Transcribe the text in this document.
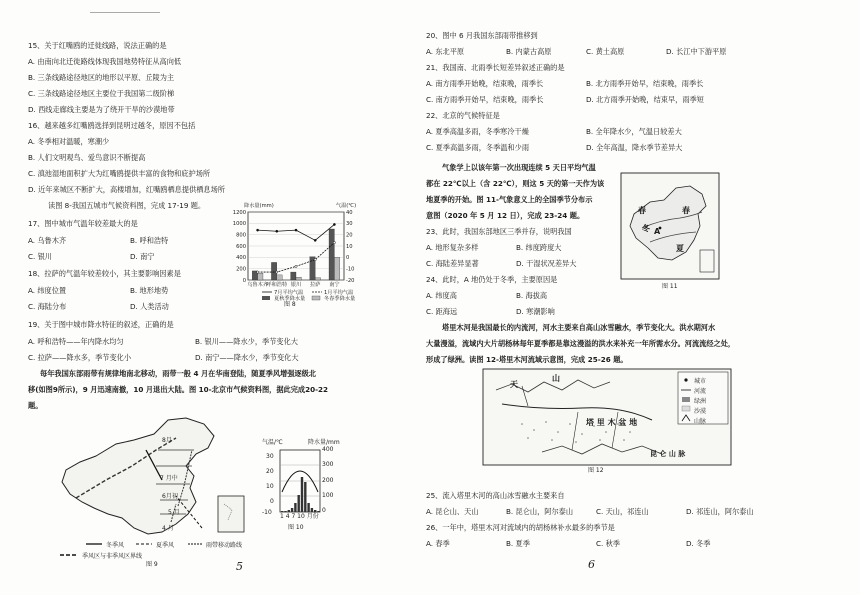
15、关于红嘴鸥的迁徙线路，说法正确的是
A. 由南向北迁徙路线体现我国地势特征从高向低
B. 三条线路途径地区的地形以平原、丘陵为主
C. 三条线路途径地区主要位于我国第二级阶梯
D. 西线走廊线主要是为了绕开干旱的沙漠地带
16、越来越多红嘴鸥选择到昆明过越冬，原因不包括
A. 冬季相对温暖，寒潮少
B. 人们文明观鸟、爱鸟意识不断提高
C. 滇池湿地面积扩大为红嘴鸥提供丰富的食物和庇护场所
D. 近年来城区不断扩大，高楼增加，红嘴鸥栖息提供栖息场所
读图 8-我国五城市气候资料图，完成 17-19 题。
17、图中城市气温年较差最大的是
A. 乌鲁木齐	B. 呼和浩特
C. 银川	D. 南宁
18、拉萨的气温年较差较小，其主要影响因素是
A. 纬度位置	B. 地形地势
C. 海陆分布	D. 人类活动
19、关于图中城市降水特征的叙述，正确的是
A. 呼和浩特——年内降水均匀	B. 银川——降水少，季节变化大
C. 拉萨——降水多，季节变化小	D. 南宁——降水少，季节变化大
每年我国东部雨带有规律地南北移动，雨带一般 4 月在华南登陆，随夏季风增强逐级北
移(如图9所示)，9 月迅速南撤，10 月退出大陆。图 10-北京市气候资料图，据此完成20-22
题。
0
200
400
600
800
1000
1200
-20
-10
0
10
20
30
40
降水量(mm)	气温(℃)
乌鲁木齐
呼和浩特 银川 拉萨 南宁
7月平均气温	1月平均气温
夏秋季降水量	冬春季降水量
图 8
4 月
5 月
6月初
7 月中
8月
冬季风	夏季风	雨带移动路线
季风区与非季风区界线
图 9
气温/℃	降水量/mm
30
20
10
0
-10
400
300
200
100
0
1 4 7 10 月份
图 10
5
20、图中 6 月我国东部雨带推移到
A. 东北平原	B. 内蒙古高原	C. 黄土高原	D. 长江中下游平原
21、我国南、北雨季长短差异叙述正确的是
A. 南方雨季开始晚，结束晚，雨季长	B. 北方雨季开始早，结束晚，雨季长
C. 南方雨季开始早，结束晚，雨季长	D. 北方雨季开始晚，结束早，雨季短
22、北京的气候特征是
A. 夏季高温多雨，冬季寒冷干燥	B. 全年降水少，气温日较差大
C. 夏季高温多雨，冬季温和少雨	D. 全年高温，降水季节差异大
气象学上以该年第一次出现连续 5 天日平均气温
都在 22℃以上（含 22℃），则这 5 天的第一天作为该
地夏季的开始。图 11-气象意义上的全国季节分布示
意图（2020 年 5 月 12 日），完成 23-24 题。
23、此时，我国东部地区三季并存，说明我国
A. 地形复杂多样	B. 纬度跨度大
C. 海陆差异显著	D. 干湿状况差异大
24、此时，A 地仍处于冬季，主要原因是
A. 纬度高	B. 海拔高
C. 距海远	D. 寒潮影响
塔里木河是我国最长的内流河，河水主要来自高山冰雪融水，季节变化大。洪水期河水
大量漫溢，流域内大片胡杨林每年夏季都是靠这漫溢的洪水来补充一年所需水分。河流流经之处，
形成了绿洲。读图 12-塔里木河流域示意图，完成 25-26 题。
春	春
冬 A
夏
图 11
城市
河流
绿洲
沙漠
山脉
天
山
塔 里 木 盆 地
昆 仑 山 脉
图 12
25、流入塔里木河的高山冰雪融水主要来自
A. 昆仑山、天山	B. 昆仑山，阿尔泰山	C. 天山，祁连山	D. 祁连山，阿尔泰山
26、一年中，塔里木河对流域内的胡杨林补水最多的季节是
A. 春季	B. 夏季	C. 秋季	D. 冬季
6
